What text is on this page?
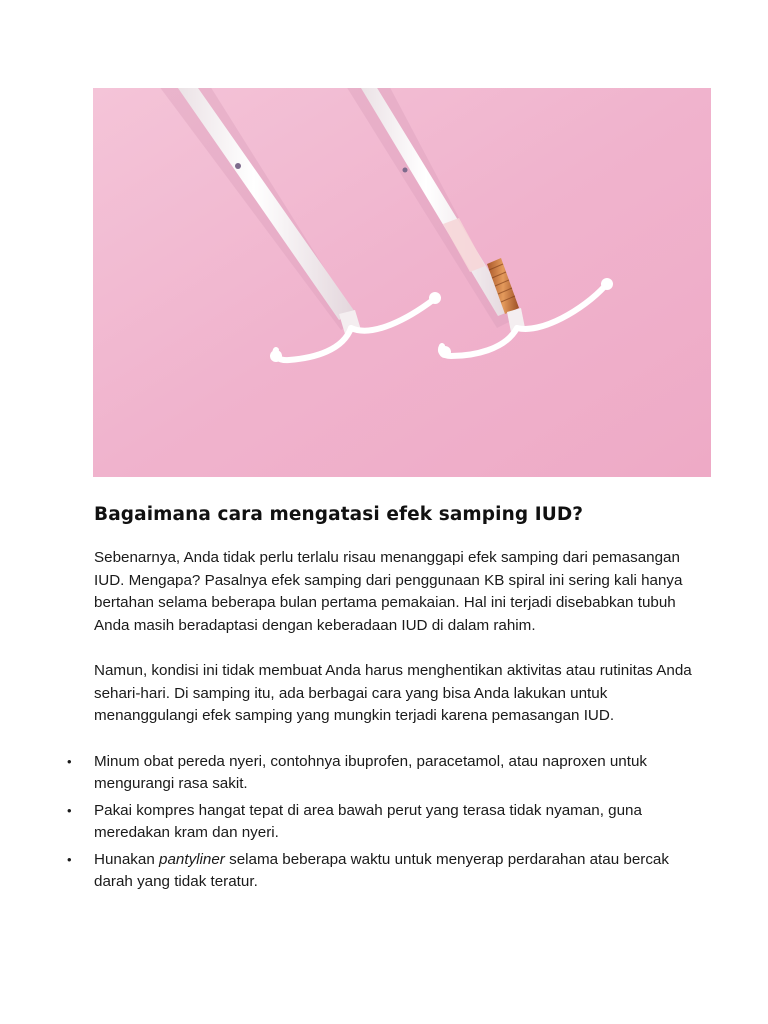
Bagaimana cara mengatasi efek samping IUD?

Sebenarnya, Anda tidak perlu terlalu risau menanggapi efek samping dari pemasangan IUD. Mengapa? Pasalnya efek samping dari penggunaan KB spiral ini sering kali hanya bertahan selama beberapa bulan pertama pemakaian. Hal ini terjadi disebabkan tubuh Anda masih beradaptasi dengan keberadaan IUD di dalam rahim.

Namun, kondisi ini tidak membuat Anda harus menghentikan aktivitas atau rutinitas Anda sehari-hari. Di samping itu, ada berbagai cara yang bisa Anda lakukan untuk menanggulangi efek samping yang mungkin terjadi karena pemasangan IUD.

• Minum obat pereda nyeri, contohnya ibuprofen, paracetamol, atau naproxen untuk mengurangi rasa sakit.
• Pakai kompres hangat tepat di area bawah perut yang terasa tidak nyaman, guna meredakan kram dan nyeri.
• Hunakan pantyliner selama beberapa waktu untuk menyerap perdarahan atau bercak darah yang tidak teratur.
